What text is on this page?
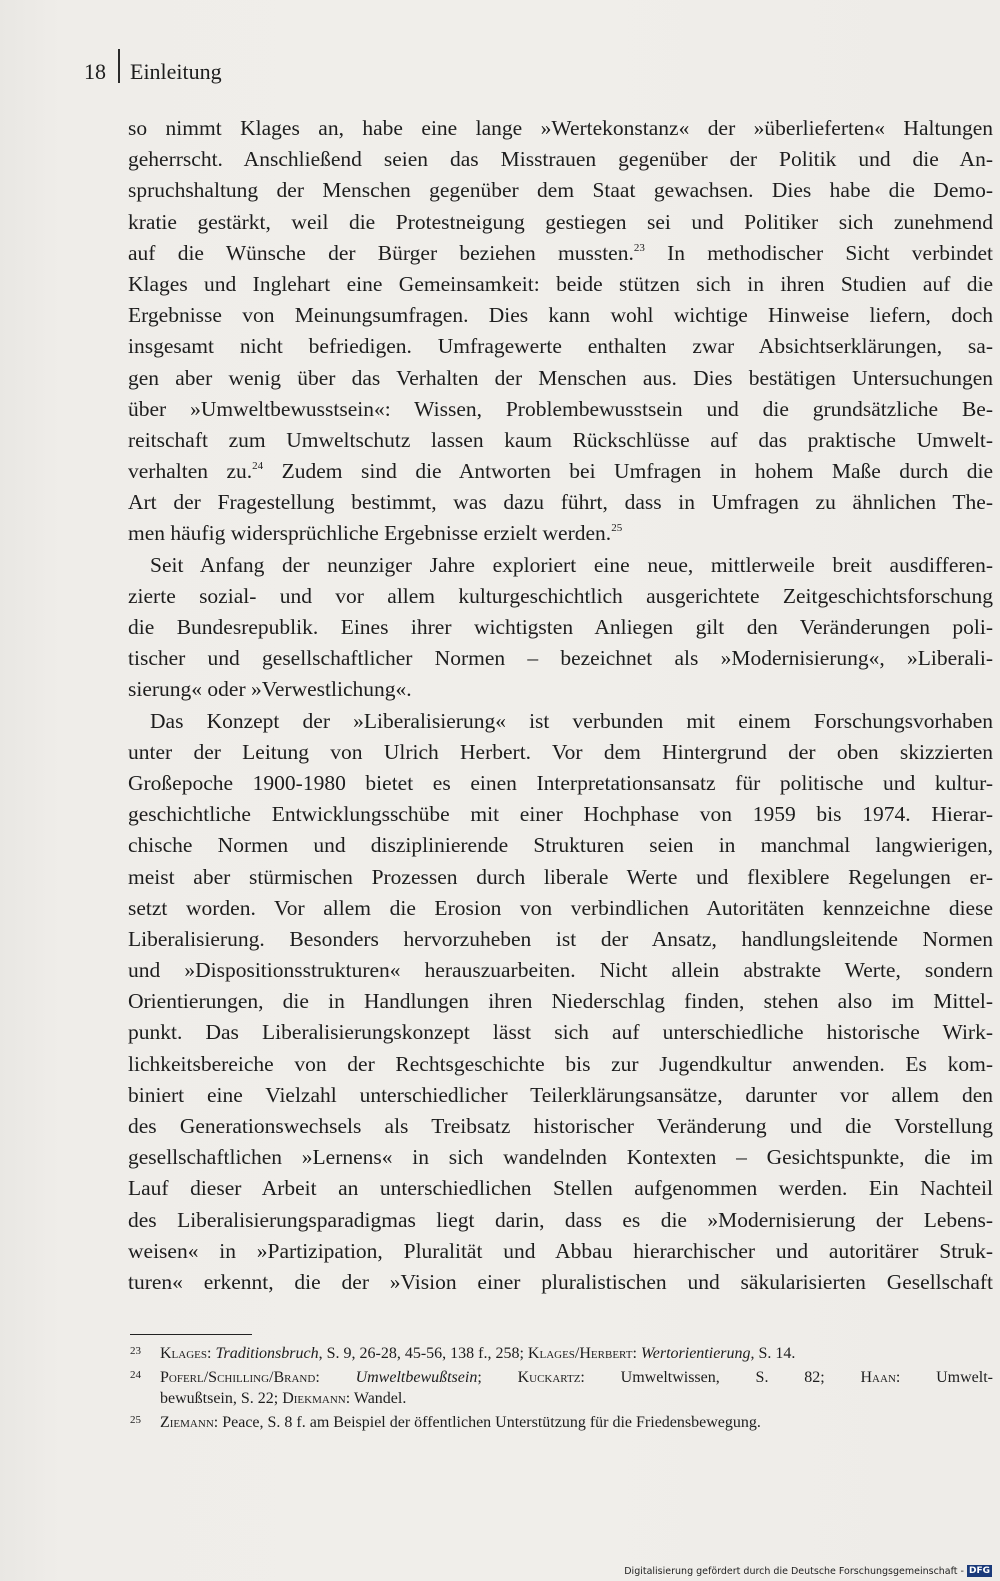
18 Einleitung
so nimmt Klages an, habe eine lange »Wertekonstanz« der »überlieferten« Haltungen
geherrscht. Anschließend seien das Misstrauen gegenüber der Politik und die An-
spruchshaltung der Menschen gegenüber dem Staat gewachsen. Dies habe die Demo-
kratie gestärkt, weil die Protestneigung gestiegen sei und Politiker sich zunehmend
auf die Wünsche der Bürger beziehen mussten.$^{23}$ In methodischer Sicht verbindet
Klages und Inglehart eine Gemeinsamkeit: beide stützen sich in ihren Studien auf die
Ergebnisse von Meinungsumfragen. Dies kann wohl wichtige Hinweise liefern, doch
insgesamt nicht befriedigen. Umfragewerte enthalten zwar Absichtserklärungen, sa-
gen aber wenig über das Verhalten der Menschen aus. Dies bestätigen Untersuchungen
über »Umweltbewusstsein«: Wissen, Problembewusstsein und die grundsätzliche Be-
reitschaft zum Umweltschutz lassen kaum Rückschlüsse auf das praktische Umwelt-
verhalten zu.$^{24}$ Zudem sind die Antworten bei Umfragen in hohem Maße durch die
Art der Fragestellung bestimmt, was dazu führt, dass in Umfragen zu ähnlichen The-
men häufig widersprüchliche Ergebnisse erzielt werden.$^{25}$
Seit Anfang der neunziger Jahre exploriert eine neue, mittlerweile breit ausdifferen-
zierte sozial- und vor allem kulturgeschichtlich ausgerichtete Zeitgeschichtsforschung
die Bundesrepublik. Eines ihrer wichtigsten Anliegen gilt den Veränderungen poli-
tischer und gesellschaftlicher Normen – bezeichnet als »Modernisierung«, »Liberali-
sierung« oder »Verwestlichung«.
Das Konzept der »Liberalisierung« ist verbunden mit einem Forschungsvorhaben
unter der Leitung von Ulrich Herbert. Vor dem Hintergrund der oben skizzierten
Großepoche 1900-1980 bietet es einen Interpretationsansatz für politische und kultur-
geschichtliche Entwicklungsschübe mit einer Hochphase von 1959 bis 1974. Hierar-
chische Normen und disziplinierende Strukturen seien in manchmal langwierigen,
meist aber stürmischen Prozessen durch liberale Werte und flexiblere Regelungen er-
setzt worden. Vor allem die Erosion von verbindlichen Autoritäten kennzeichne diese
Liberalisierung. Besonders hervorzuheben ist der Ansatz, handlungsleitende Normen
und »Dispositionsstrukturen« herauszuarbeiten. Nicht allein abstrakte Werte, sondern
Orientierungen, die in Handlungen ihren Niederschlag finden, stehen also im Mittel-
punkt. Das Liberalisierungskonzept lässt sich auf unterschiedliche historische Wirk-
lichkeitsbereiche von der Rechtsgeschichte bis zur Jugendkultur anwenden. Es kom-
biniert eine Vielzahl unterschiedlicher Teilerklärungsansätze, darunter vor allem den
des Generationswechsels als Treibsatz historischer Veränderung und die Vorstellung
gesellschaftlichen »Lernens« in sich wandelnden Kontexten – Gesichtspunkte, die im
Lauf dieser Arbeit an unterschiedlichen Stellen aufgenommen werden. Ein Nachteil
des Liberalisierungsparadigmas liegt darin, dass es die »Modernisierung der Lebens-
weisen« in »Partizipation, Pluralität und Abbau hierarchischer und autoritärer Struk-
turen« erkennt, die der »Vision einer pluralistischen und säkularisierten Gesellschaft
23 Klages: Traditionsbruch, S. 9, 26-28, 45-56, 138 f., 258; Klages/Herbert: Wertorientierung, S. 14.
24 Poferl/Schilling/Brand: Umweltbewußtsein; Kuckartz: Umweltwissen, S. 82; Haan: Umwelt-
bewußtsein, S. 22; Diekmann: Wandel.
25 Ziemann: Peace, S. 8 f. am Beispiel der öffentlichen Unterstützung für die Friedensbewegung.
Digitalisierung gefördert durch die Deutsche Forschungsgemeinschaft - DFG
